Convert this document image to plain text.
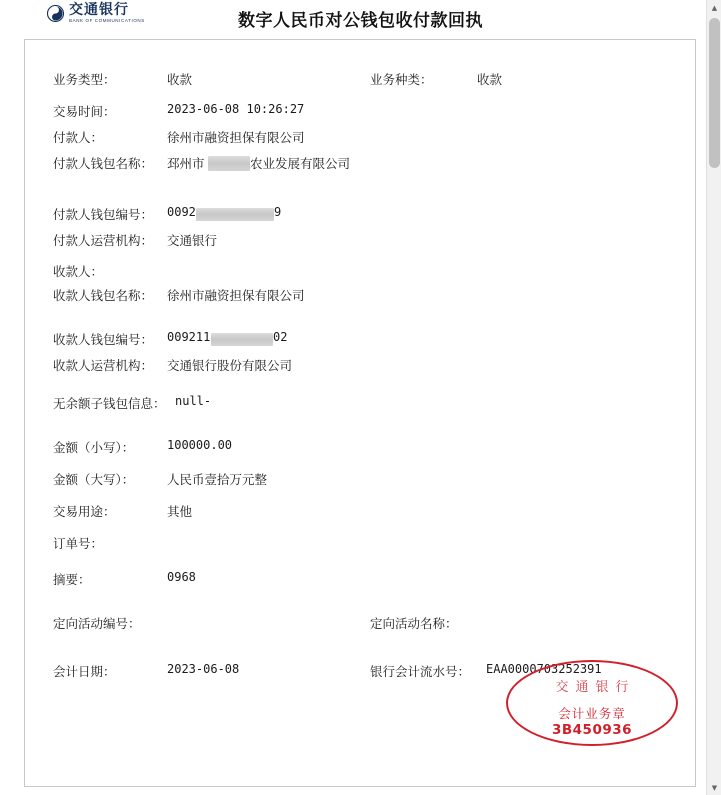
交通银行
BANK OF COMMUNICATIONS	数字人民币对公钱包收付款回执
业务类型：	收款	业务种类：	收款
交易时间：	2023-06-08 10:26:27
付款人：	徐州市融资担保有限公司
付款人钱包名称： 邳州市	农业发展有限公司
付款人钱包编号： 0092	9
付款人运营机构： 交通银行
收款人：
收款人钱包名称： 徐州市融资担保有限公司
收款人钱包编号： 009211	02
收款人运营机构： 交通银行股份有限公司
无余额子钱包信息： null-
金额（小写）：	100000.00
金额（大写）：	人民币壹拾万元整
交易用途：	其他
订单号：
摘要：	0968
定向活动编号：	定向活动名称：
会计日期：	2023-06-08	银行会计流水号： EAA0000703252391
交通银行
会计业务章
3B450936
▲
▼
